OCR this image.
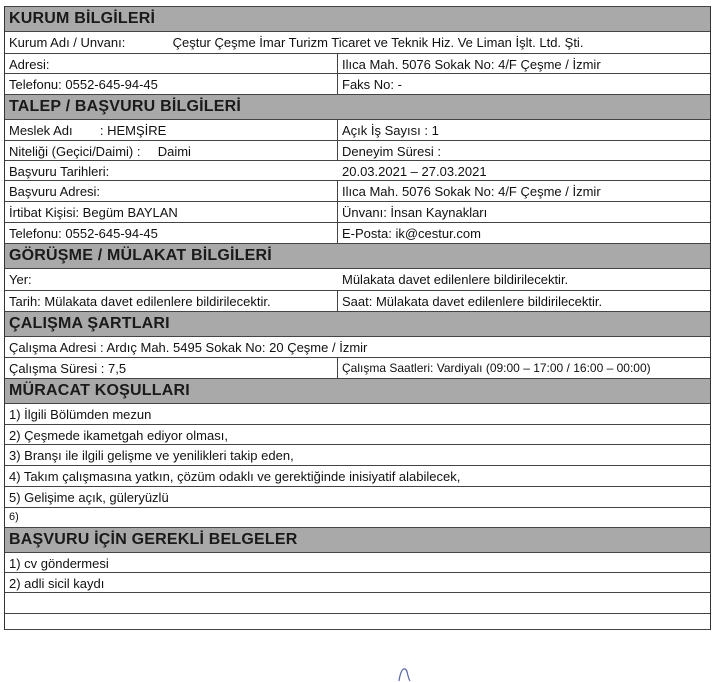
KURUM BİLGİLERİ
Kurum Adı / Unvanı:	Çeştur Çeşme İmar Turizm Ticaret ve Teknik Hiz. Ve Liman İşlt. Ltd. Şti.
Adresi:	Ilıca Mah. 5076 Sokak No: 4/F Çeşme / İzmir
Telefonu: 0552-645-94-45	Faks No: -
TALEP / BAŞVURU BİLGİLERİ
Meslek Adı : HEMŞİRE	Açık İş Sayısı : 1
Niteliği (Geçici/Daimi) : Daimi	Deneyim Süresi :
Başvuru Tarihleri:	20.03.2021 – 27.03.2021
Başvuru Adresi:	Ilıca Mah. 5076 Sokak No: 4/F Çeşme / İzmir
İrtibat Kişisi: Begüm BAYLAN	Ünvanı: İnsan Kaynakları
Telefonu: 0552-645-94-45	E-Posta: ik@cestur.com
GÖRÜŞME / MÜLAKAT BİLGİLERİ
Yer:	Mülakata davet edilenlere bildirilecektir.
Tarih: Mülakata davet edilenlere bildirilecektir.	Saat: Mülakata davet edilenlere bildirilecektir.
ÇALIŞMA ŞARTLARI
Çalışma Adresi : Ardıç Mah. 5495 Sokak No: 20 Çeşme / İzmir
Çalışma Süresi : 7,5	Çalışma Saatleri: Vardiyalı (09:00 – 17:00 / 16:00 – 00:00)
MÜRACAT KOŞULLARI
1) İlgili Bölümden mezun
2) Çeşmede ikametgah ediyor olması,
3) Branşı ile ilgili gelişme ve yenilikleri takip eden,
4) Takım çalışmasına yatkın, çözüm odaklı ve gerektiğinde inisiyatif alabilecek,
5) Gelişime açık, güleryüzlü
6)
BAŞVURU İÇİN GEREKLİ BELGELER
1) cv göndermesi
2) adli sicil kaydı
